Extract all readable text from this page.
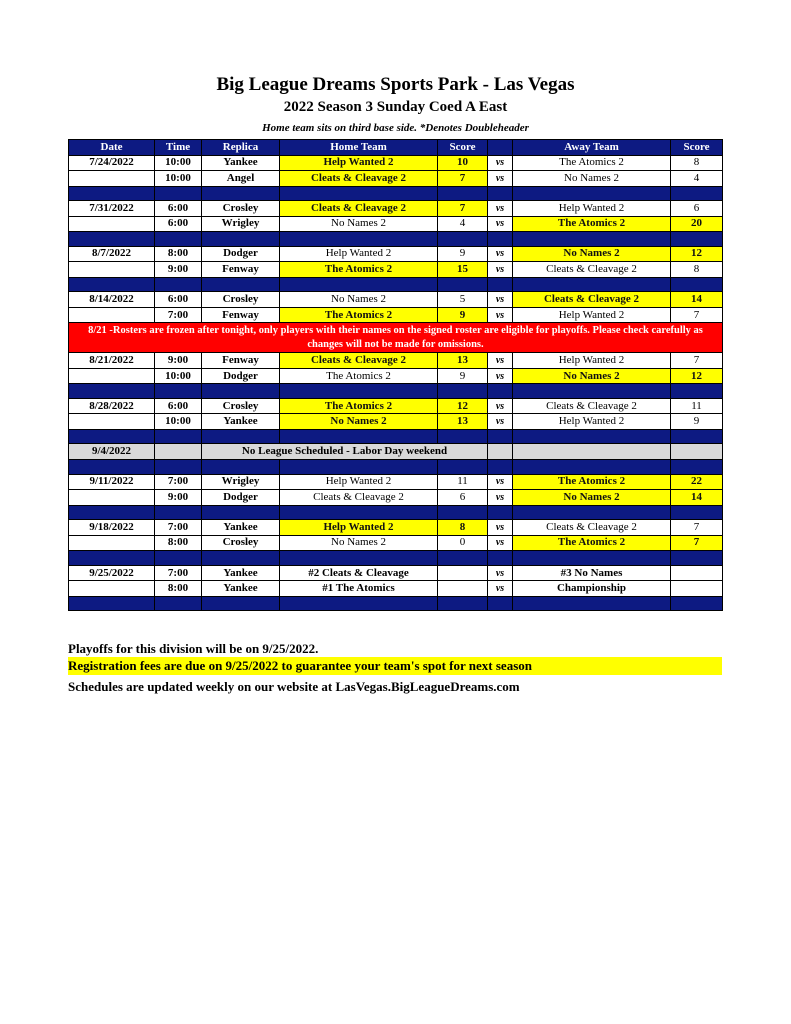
Big League Dreams Sports Park - Las Vegas
2022 Season 3 Sunday Coed A East
Home team sits on third base side. *Denotes Doubleheader
Date	Time	Replica	Home Team	Score		Away Team	Score
7/24/2022	10:00	Yankee	Help Wanted 2	10	vs	The Atomics 2	8
	10:00	Angel	Cleats & Cleavage 2	7	vs	No Names 2	4

7/31/2022	6:00	Crosley	Cleats & Cleavage 2	7	vs	Help Wanted 2	6
	6:00	Wrigley	No Names 2	4	vs	The Atomics 2	20

8/7/2022	8:00	Dodger	Help Wanted 2	9	vs	No Names 2	12
	9:00	Fenway	The Atomics 2	15	vs	Cleats & Cleavage 2	8

8/14/2022	6:00	Crosley	No Names 2	5	vs	Cleats & Cleavage 2	14
	7:00	Fenway	The Atomics 2	9	vs	Help Wanted 2	7
8/21 -Rosters are frozen after tonight, only players with their names on the signed roster are eligible for playoffs. Please check carefully as changes will not be made for omissions.							
8/21/2022	9:00	Fenway	Cleats & Cleavage 2	13	vs	Help Wanted 2	7
	10:00	Dodger	The Atomics 2	9	vs	No Names 2	12

8/28/2022	6:00	Crosley	The Atomics 2	12	vs	Cleats & Cleavage 2	11
	10:00	Yankee	No Names 2	13	vs	Help Wanted 2	9

9/4/2022		No League Scheduled - Labor Day weekend					

9/11/2022	7:00	Wrigley	Help Wanted 2	11	vs	The Atomics 2	22
	9:00	Dodger	Cleats & Cleavage 2	6	vs	No Names 2	14

9/18/2022	7:00	Yankee	Help Wanted 2	8	vs	Cleats & Cleavage 2	7
	8:00	Crosley	No Names 2	0	vs	The Atomics 2	7

9/25/2022	7:00	Yankee	#2 Cleats & Cleavage		vs	#3 No Names	
	8:00	Yankee	#1 The Atomics		vs	Championship	

Playoffs for this division will be on 9/25/2022.
Registration fees are due on 9/25/2022 to guarantee your team's spot for next season
Schedules are updated weekly on our website at LasVegas.BigLeagueDreams.com
